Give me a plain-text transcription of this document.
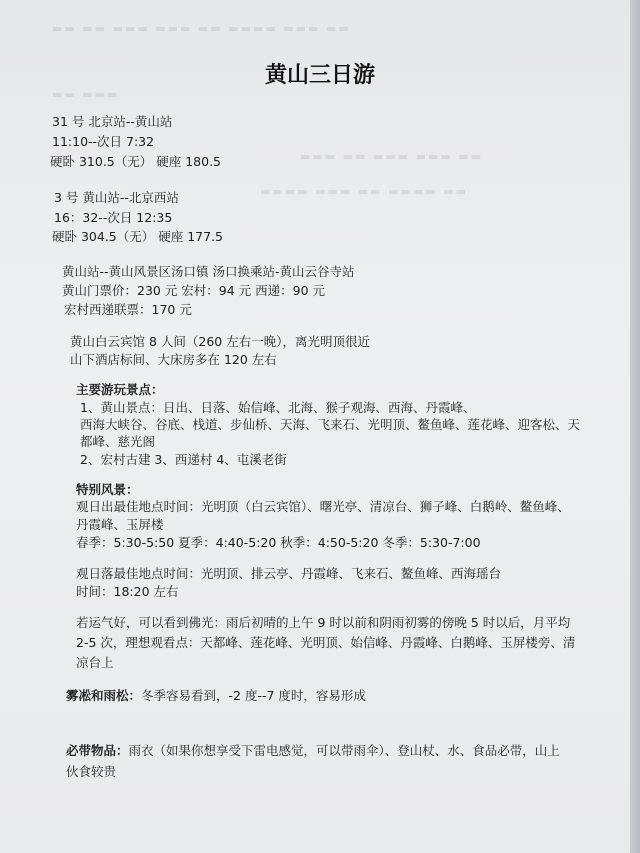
▬▬ ▬▬ ▬▬▬ ▬▬▬ ▬▬ ▬▬▬▬ ▬▬▬ ▬▬
▬▬ ▬▬▬
▬▬▬ ▬▬ ▬▬▬ ▬▬▬ ▬▬
▬▬▬▬ ▬▬▬ ▬▬ ▬▬▬▬ ▬▬
黄山三日游
31 号 北京站--黄山站
11:10--次日 7:32
硬卧 310.5（无） 硬座 180.5
3 号 黄山站--北京西站
16：32--次日 12:35
硬卧 304.5（无） 硬座 177.5
黄山站--黄山风景区汤口镇 汤口换乘站-黄山云谷寺站
黄山门票价：230 元 宏村：94 元 西递：90 元
宏村西递联票：170 元
黄山白云宾馆 8 人间（260 左右一晚），离光明顶很近
山下酒店标间、大床房多在 120 左右
主要游玩景点：
1、黄山景点：日出、日落、始信峰、北海、猴子观海、西海、丹霞峰、
西海大峡谷、谷底、栈道、步仙桥、天海、飞来石、光明顶、鳌鱼峰、莲花峰、迎客松、天
都峰、慈光阁
2、宏村古建 3、西递村 4、屯溪老街
特别风景：
观日出最佳地点时间：光明顶（白云宾馆）、曙光亭、清凉台、狮子峰、白鹅岭、鳌鱼峰、
丹霞峰、玉屏楼
春季：5:30-5:50 夏季：4:40-5:20 秋季：4:50-5:20 冬季：5:30-7:00
观日落最佳地点时间：光明顶、排云亭、丹霞峰、飞来石、鳌鱼峰、西海瑶台
时间：18:20 左右
若运气好，可以看到佛光：雨后初晴的上午 9 时以前和阴雨初雾的傍晚 5 时以后，月平均
2-5 次，理想观看点：天都峰、莲花峰、光明顶、始信峰、丹霞峰、白鹅峰、玉屏楼旁、清
凉台上
雾凇和雨松：冬季容易看到，-2 度--7 度时，容易形成
必带物品：雨衣（如果你想享受下雷电感觉，可以带雨伞）、登山杖、水、食品必带，山上
伙食较贵
